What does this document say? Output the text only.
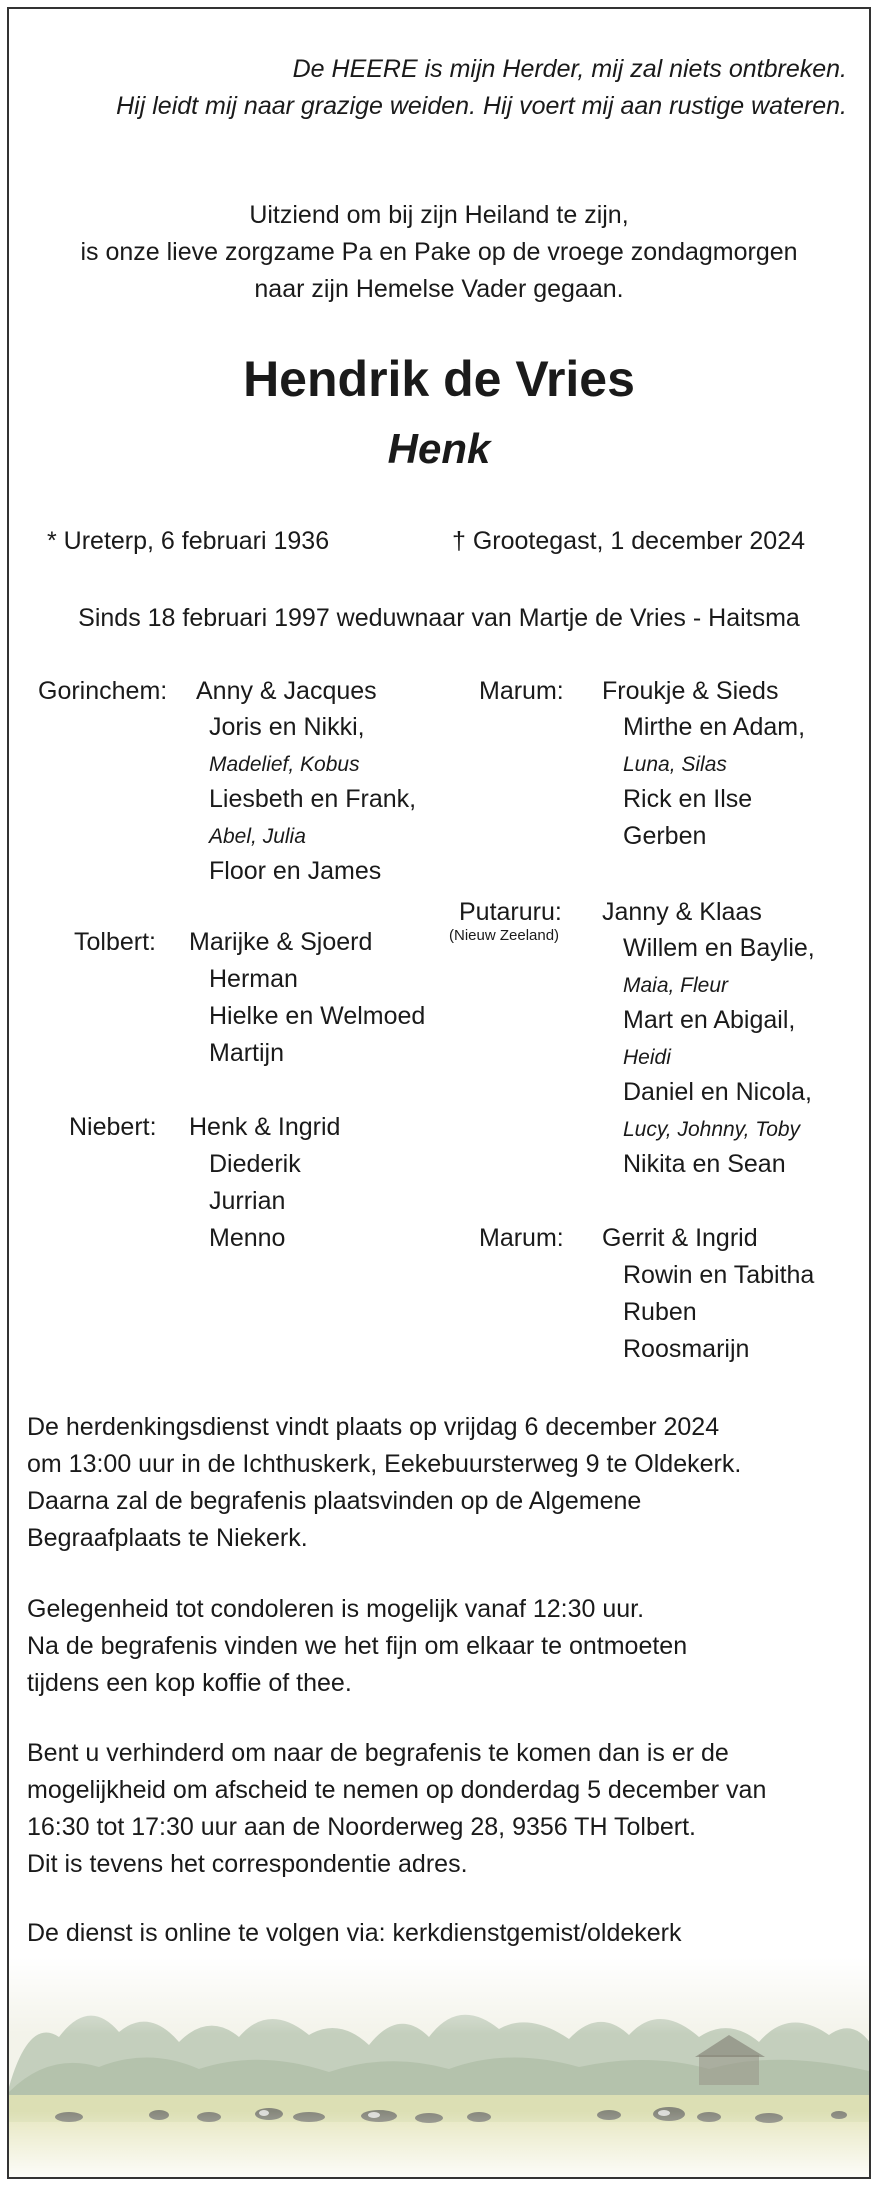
De HEERE is mijn Herder, mij zal niets ontbreken.
Hij leidt mij naar grazige weiden. Hij voert mij aan rustige wateren.
Uitziend om bij zijn Heiland te zijn,
is onze lieve zorgzame Pa en Pake op de vroege zondagmorgen
naar zijn Hemelse Vader gegaan.
Hendrik de Vries
Henk
* Ureterp, 6 februari 1936	† Grootegast, 1 december 2024
Sinds 18 februari 1997 weduwnaar van Martje de Vries - Haitsma
Gorinchem: Anny & Jacques
Joris en Nikki,
Madelief, Kobus
Liesbeth en Frank,
Abel, Julia
Floor en James
Tolbert: Marijke & Sjoerd
Herman
Hielke en Welmoed
Martijn
Niebert: Henk & Ingrid
Diederik
Jurrian
Menno
Marum: Froukje & Sieds
Mirthe en Adam,
Luna, Silas
Rick en Ilse
Gerben
Putaruru:
(Nieuw Zeeland)
Janny & Klaas
Willem en Baylie,
Maia, Fleur
Mart en Abigail,
Heidi
Daniel en Nicola,
Lucy, Johnny, Toby
Nikita en Sean
Marum: Gerrit & Ingrid
Rowin en Tabitha
Ruben
Roosmarijn
De herdenkingsdienst vindt plaats op vrijdag 6 december 2024
om 13:00 uur in de Ichthuskerk, Eekebuursterweg 9 te Oldekerk.
Daarna zal de begrafenis plaatsvinden op de Algemene
Begraafplaats te Niekerk.
Gelegenheid tot condoleren is mogelijk vanaf 12:30 uur.
Na de begrafenis vinden we het fijn om elkaar te ontmoeten
tijdens een kop koffie of thee.
Bent u verhinderd om naar de begrafenis te komen dan is er de
mogelijkheid om afscheid te nemen op donderdag 5 december van
16:30 tot 17:30 uur aan de Noorderweg 28, 9356 TH Tolbert.
Dit is tevens het correspondentie adres.
De dienst is online te volgen via: kerkdienstgemist/oldekerk
